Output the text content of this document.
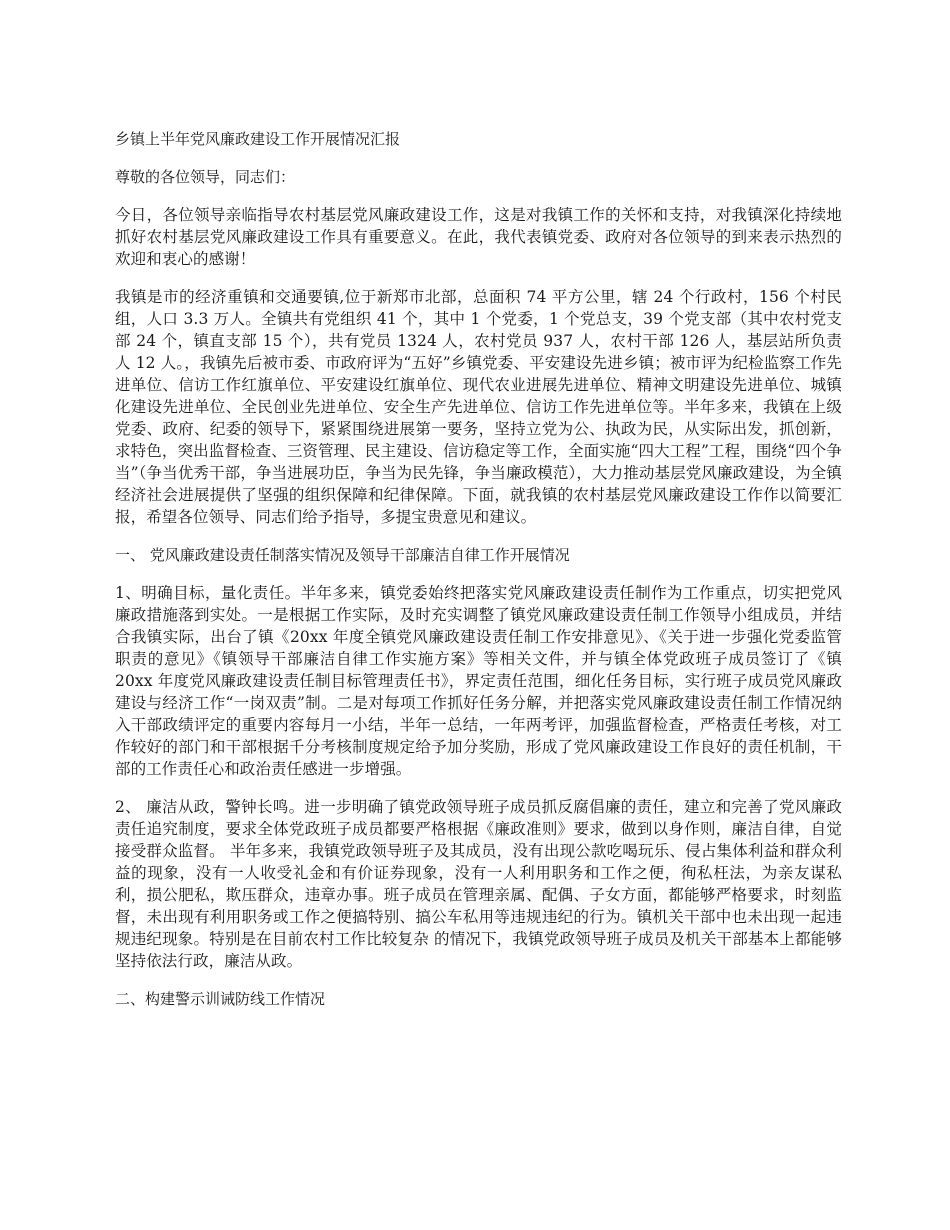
乡镇上半年党风廉政建设工作开展情况汇报

尊敬的各位领导，同志们：

今日，各位领导亲临指导农村基层党风廉政建设工作，这是对我镇工作的关怀和支持，对我镇深化持续地抓好农村基层党风廉政建设工作具有重要意义。在此，我代表镇党委、政府对各位领导的到来表示热烈的欢迎和衷心的感谢！

我镇是市的经济重镇和交通要镇,位于新郑市北部，总面积 74 平方公里，辖 24 个行政村，156 个村民组，人口 3.3 万人。全镇共有党组织 41 个，其中 1 个党委，1 个党总支，39 个党支部（其中农村党支部 24 个，镇直支部 15 个），共有党员 1324 人，农村党员 937 人，农村干部 126 人，基层站所负责人 12 人。，我镇先后被市委、市政府评为“五好”乡镇党委、平安建设先进乡镇；被市评为纪检监察工作先进单位、信访工作红旗单位、平安建设红旗单位、现代农业进展先进单位、精神文明建设先进单位、城镇化建设先进单位、全民创业先进单位、安全生产先进单位、信访工作先进单位等。半年多来，我镇在上级党委、政府、纪委的领导下，紧紧围绕进展第一要务，坚持立党为公、执政为民，从实际出发，抓创新，求特色，突出监督检查、三资管理、民主建设、信访稳定等工作，全面实施“四大工程”工程，围绕“四个争当”（争当优秀干部，争当进展功臣，争当为民先锋，争当廉政模范），大力推动基层党风廉政建设，为全镇经济社会进展提供了坚强的组织保障和纪律保障。下面，就我镇的农村基层党风廉政建设工作作以简要汇报，希望各位领导、同志们给予指导，多提宝贵意见和建议。

一、 党风廉政建设责任制落实情况及领导干部廉洁自律工作开展情况

1、明确目标，量化责任。半年多来，镇党委始终把落实党风廉政建设责任制作为工作重点，切实把党风廉政措施落到实处。一是根据工作实际，及时充实调整了镇党风廉政建设责任制工作领导小组成员，并结合我镇实际，出台了镇《20xx 年度全镇党风廉政建设责任制工作安排意见》、《关于进一步强化党委监管职责的意见》《镇领导干部廉洁自律工作实施方案》等相关文件，并与镇全体党政班子成员签订了《镇 20xx 年度党风廉政建设责任制目标管理责任书》，界定责任范围，细化任务目标，实行班子成员党风廉政建设与经济工作“一岗双责”制。二是对每项工作抓好任务分解，并把落实党风廉政建设责任制工作情况纳入干部政绩评定的重要内容每月一小结，半年一总结，一年两考评，加强监督检查，严格责任考核，对工作较好的部门和干部根据千分考核制度规定给予加分奖励，形成了党风廉政建设工作良好的责任机制，干部的工作责任心和政治责任感进一步增强。

2、 廉洁从政，警钟长鸣。进一步明确了镇党政领导班子成员抓反腐倡廉的责任，建立和完善了党风廉政责任追究制度，要求全体党政班子成员都要严格根据《廉政准则》要求，做到以身作则，廉洁自律，自觉接受群众监督。 半年多来，我镇党政领导班子及其成员，没有出现公款吃喝玩乐、侵占集体利益和群众利益的现象，没有一人收受礼金和有价证券现象，没有一人利用职务和工作之便，徇私枉法，为亲友谋私利，损公肥私，欺压群众，违章办事。班子成员在管理亲属、配偶、子女方面，都能够严格要求，时刻监督，未出现有利用职务或工作之便搞特别、搞公车私用等违规违纪的行为。镇机关干部中也未出现一起违规违纪现象。特别是在目前农村工作比较复杂 的情况下，我镇党政领导班子成员及机关干部基本上都能够坚持依法行政，廉洁从政。

二、构建警示训诫防线工作情况
